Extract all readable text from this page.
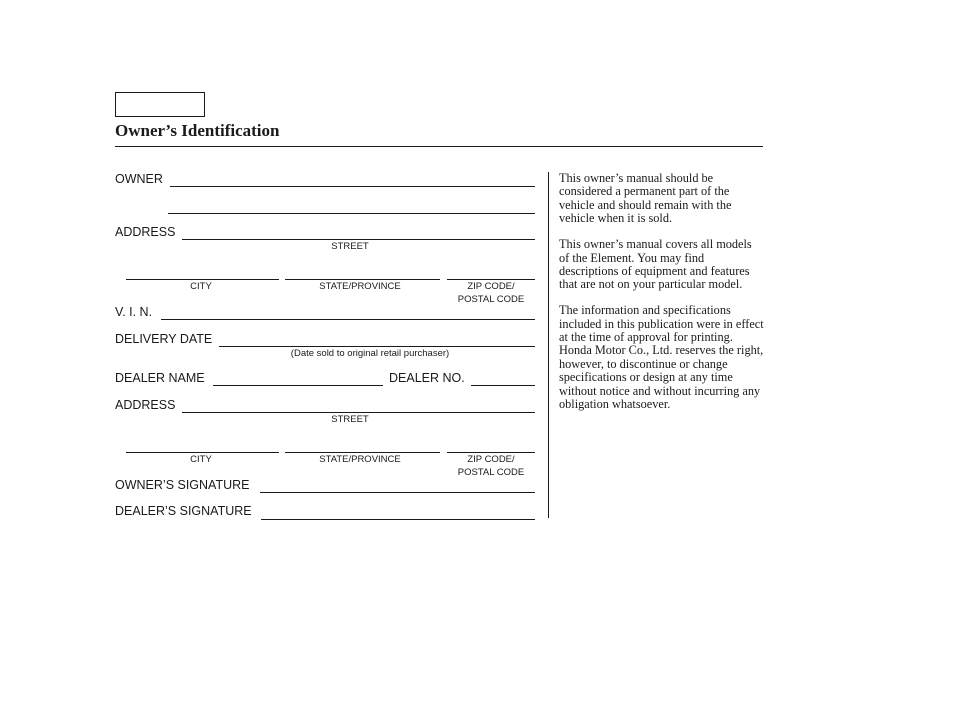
Owner’s Identification
OWNER
ADDRESS
STREET
CITY	STATE/PROVINCE	ZIP CODE/
POSTAL CODE
V. I. N.
DELIVERY DATE
(Date sold to original retail purchaser)
DEALER NAME	DEALER NO.
ADDRESS
STREET
CITY	STATE/PROVINCE	ZIP CODE/
POSTAL CODE
OWNER’S SIGNATURE
DEALER’S SIGNATURE

This owner’s manual should be considered a permanent part of the vehicle and should remain with the vehicle when it is sold.

This owner’s manual covers all models of the Element. You may find descriptions of equipment and features that are not on your particular model.

The information and specifications included in this publication were in effect at the time of approval for printing. Honda Motor Co., Ltd. reserves the right, however, to discontinue or change specifications or design at any time without notice and without incurring any obligation whatsoever.
